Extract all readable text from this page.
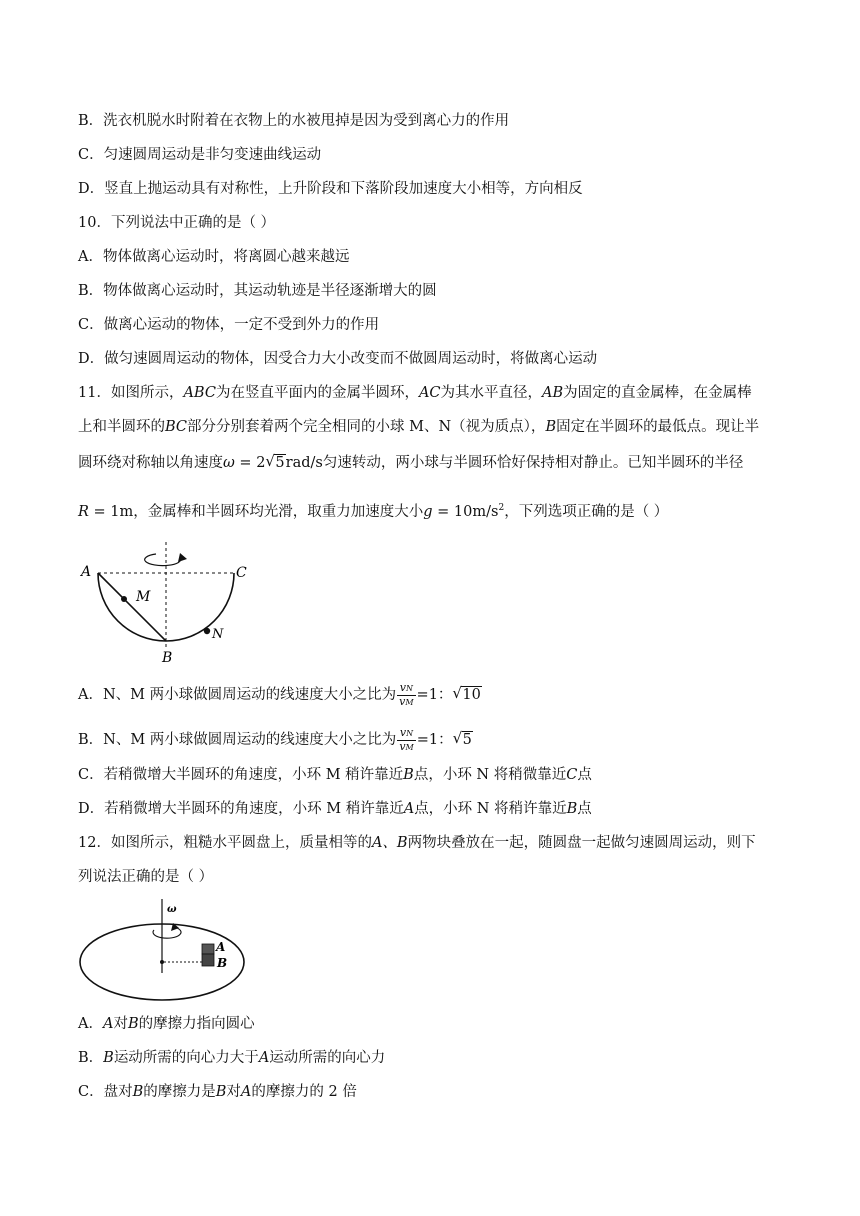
B．洗衣机脱水时附着在衣物上的水被甩掉是因为受到离心力的作用
C．匀速圆周运动是非匀变速曲线运动
D．竖直上抛运动具有对称性，上升阶段和下落阶段加速度大小相等，方向相反
10．下列说法中正确的是（ ）
A．物体做离心运动时，将离圆心越来越远
B．物体做离心运动时，其运动轨迹是半径逐渐增大的圆
C．做离心运动的物体，一定不受到外力的作用
D．做匀速圆周运动的物体，因受合力大小改变而不做圆周运动时，将做离心运动
11．如图所示，ABC为在竖直平面内的金属半圆环，AC为其水平直径，AB为固定的直金属棒，在金属棒
上和半圆环的BC部分分别套着两个完全相同的小球 M、N（视为质点），B固定在半圆环的最低点。现让半
圆环绕对称轴以角速度ω = 2 √ 5rad/s匀速转动，两小球与半圆环恰好保持相对静止。已知半圆环的半径
R = 1m，金属棒和半圆环均光滑，取重力加速度大小$g = 10m/s^2$，下列选项正确的是（ ）
A	C
B
M
N
A．N、M 两小球做圆周运动的线速度大小之比为 $\frac{vN}{vM} =1$： √ 10
B．N、M 两小球做圆周运动的线速度大小之比为 $\frac{vN}{vM} =1$： √ 5
C．若稍微增大半圆环的角速度，小环 M 稍许靠近B点，小环 N 将稍微靠近C点
D．若稍微增大半圆环的角速度，小环 M 稍许靠近A点，小环 N 将稍许靠近B点
12．如图所示，粗糙水平圆盘上，质量相等的A、B两物块叠放在一起，随圆盘一起做匀速圆周运动，则下
列说法正确的是（ ）
ω
A
B
A．A对B的摩擦力指向圆心
B．B运动所需的向心力大于A运动所需的向心力
C．盘对B的摩擦力是B对A的摩擦力的 2 倍
